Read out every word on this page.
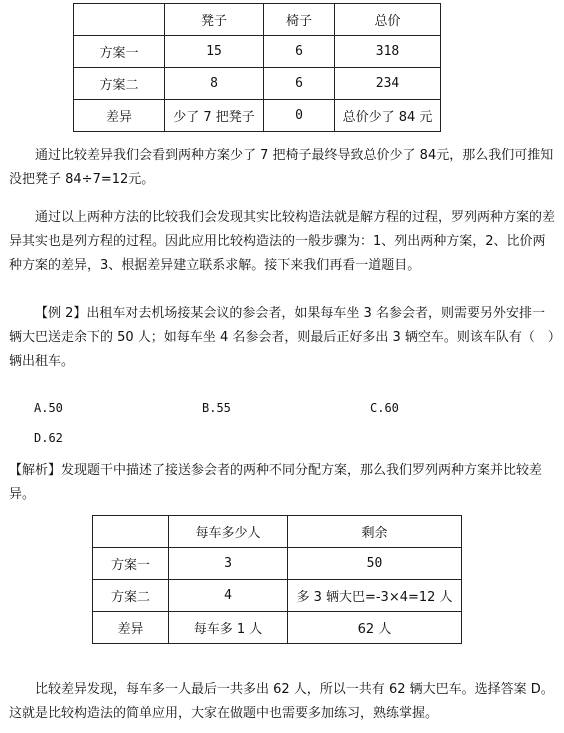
	凳子	椅子	总价
方案一	15	6	318
方案二	8	6	234
差异	少了 7 把凳子	0	总价少了 84 元

通过比较差异我们会看到两种方案少了 7 把椅子最终导致总价少了 84元，那么我们可推知没把凳子 84÷7=12元。

通过以上两种方法的比较我们会发现其实比较构造法就是解方程的过程，罗列两种方案的差异其实也是列方程的过程。因此应用比较构造法的一般步骤为：1、列出两种方案，2、比价两种方案的差异，3、根据差异建立联系求解。接下来我们再看一道题目。

【例 2】出租车对去机场接某会议的参会者，如果每车坐 3 名参会者，则需要另外安排一辆大巴送走余下的 50 人；如每车坐 4 名参会者，则最后正好多出 3 辆空车。则该车队有（　）辆出租车。

A.50	B.55	C.60
D.62

【解析】发现题干中描述了接送参会者的两种不同分配方案，那么我们罗列两种方案并比较差异。

	每车多少人	剩余
方案一	3	50
方案二	4	多 3 辆大巴=-3×4=12 人
差异	每车多 1 人	62 人

比较差异发现，每车多一人最后一共多出 62 人，所以一共有 62 辆大巴车。选择答案 D。这就是比较构造法的简单应用，大家在做题中也需要多加练习，熟练掌握。
